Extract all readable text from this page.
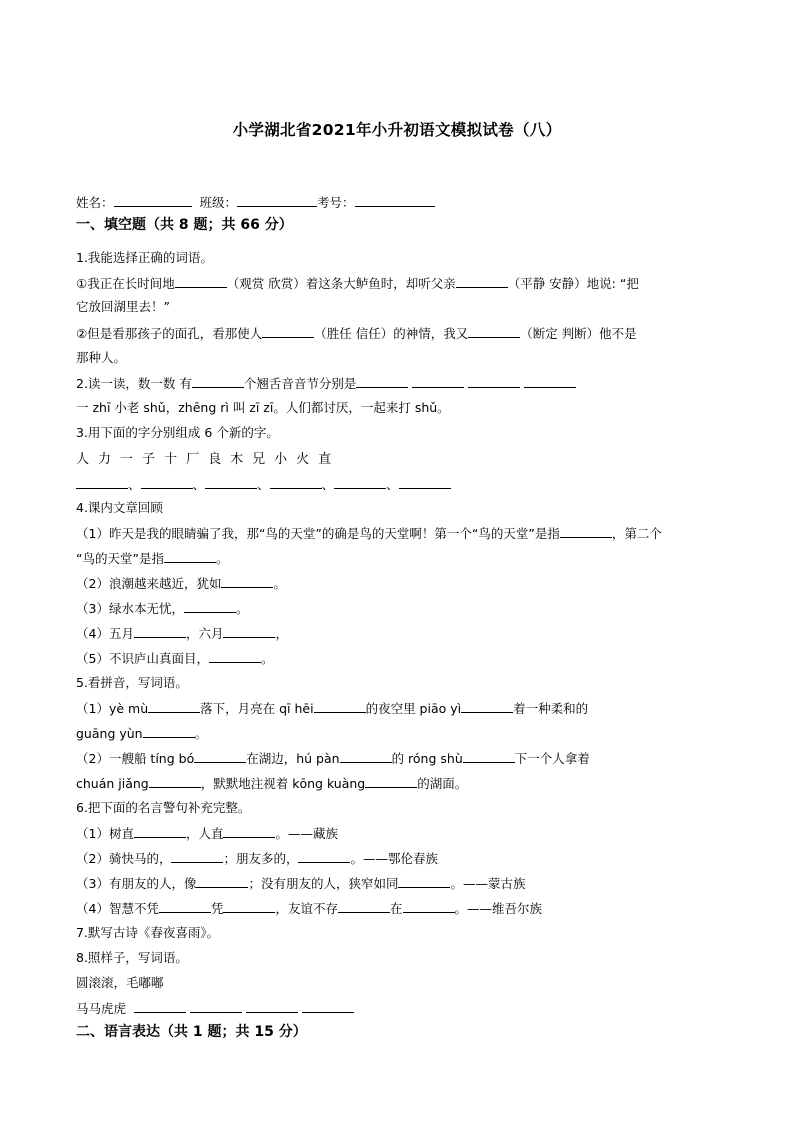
小学湖北省2021年小升初语文模拟试卷（八）
姓名：	班级：	考号：
一、填空题（共 8 题；共 66 分）
1.我能选择正确的词语。
①我正在长时间地	（观赏 欣赏）着这条大鲈鱼时，却听父亲	（平静 安静）地说: “把
它放回湖里去！”
②但是看那孩子的面孔，看那使人	（胜任 信任）的神情，我又	（断定 判断）他不是
那种人。
2.读一读，数一数 有	个翘舌音音节分别是
一 zhī 小老 shǔ，zhēng rì 叫 zī zī。人们都讨厌，一起来打 shǔ。
3.用下面的字分别组成 6 个新的字。
人 力 一 子 十 厂 良 木 兄 小 火 直
、	、	、	、	、
4.课内文章回顾
（1）昨天是我的眼睛骗了我，那“鸟的天堂”的确是鸟的天堂啊！第一个“鸟的天堂”是指	，第二个
“鸟的天堂”是指	。
（2）浪潮越来越近，犹如	。
（3）绿水本无忧，	。
（4）五月	，六月	，
（5）不识庐山真面目，	。
5.看拼音，写词语。
（1）yè mù	落下，月亮在 qī hēi	的夜空里 piāo yì	着一种柔和的
guāng yùn	。
（2）一艘船 tíng bó	在湖边，hú pàn	的 róng shù	下一个人拿着
chuán jiǎng	，默默地注视着 kōng kuàng	的湖面。
6.把下面的名言警句补充完整。
（1）树直	，人直	。——藏族
（2）骑快马的，	；朋友多的，	。——鄂伦春族
（3）有朋友的人，像	；没有朋友的人，狭窄如同	。——蒙古族
（4）智慧不凭	凭	，友谊不存	在	。——维吾尔族
7.默写古诗《春夜喜雨》。
8.照样子，写词语。
圆滚滚，毛嘟嘟
马马虎虎
二、语言表达（共 1 题；共 15 分）
